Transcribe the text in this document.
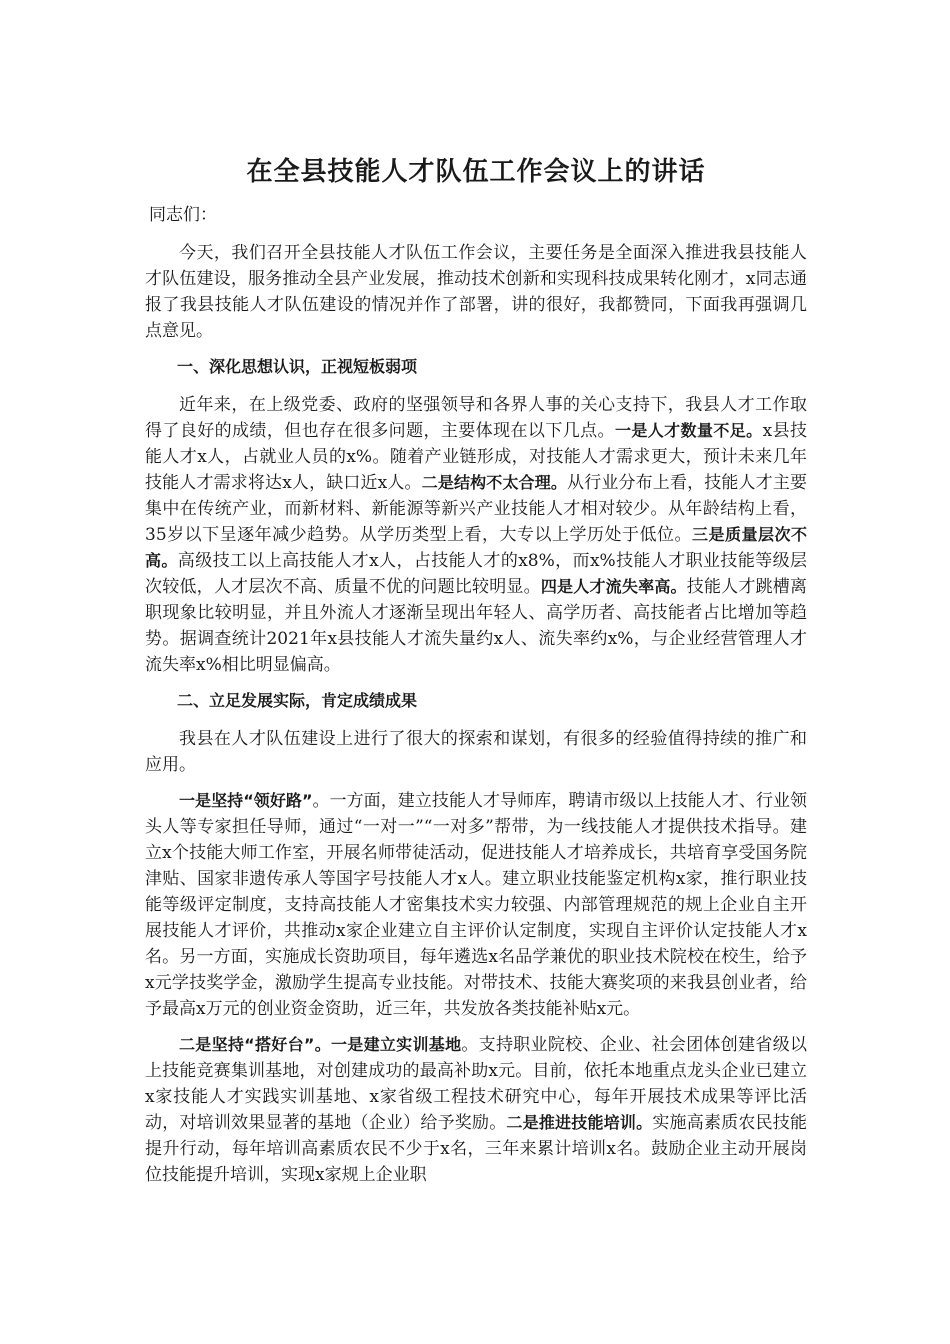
在全县技能人才队伍工作会议上的讲话
同志们：

今天，我们召开全县技能人才队伍工作会议，主要任务是全面深入推进我县技能人才队伍建设，服务推动全县产业发展，推动技术创新和实现科技成果转化刚才，x同志通报了我县技能人才队伍建设的情况并作了部署，讲的很好，我都赞同，下面我再强调几点意见。

一、深化思想认识，正视短板弱项

近年来，在上级党委、政府的坚强领导和各界人事的关心支持下，我县人才工作取得了良好的成绩，但也存在很多问题，主要体现在以下几点。一是人才数量不足。x县技能人才x人，占就业人员的x%。随着产业链形成，对技能人才需求更大，预计未来几年技能人才需求将达x人，缺口近x人。二是结构不太合理。从行业分布上看，技能人才主要集中在传统产业，而新材料、新能源等新兴产业技能人才相对较少。从年龄结构上看，35岁以下呈逐年减少趋势。从学历类型上看，大专以上学历处于低位。三是质量层次不高。高级技工以上高技能人才x人，占技能人才的x8%，而x%技能人才职业技能等级层次较低，人才层次不高、质量不优的问题比较明显。四是人才流失率高。技能人才跳槽离职现象比较明显，并且外流人才逐渐呈现出年轻人、高学历者、高技能者占比增加等趋势。据调查统计2021年x县技能人才流失量约x人、流失率约x%，与企业经营管理人才流失率x%相比明显偏高。

二、立足发展实际，肯定成绩成果

我县在人才队伍建设上进行了很大的探索和谋划，有很多的经验值得持续的推广和应用。

一是坚持“领好路”。一方面，建立技能人才导师库，聘请市级以上技能人才、行业领头人等专家担任导师，通过“一对一”“一对多”帮带，为一线技能人才提供技术指导。建立x个技能大师工作室，开展名师带徒活动，促进技能人才培养成长，共培育享受国务院津贴、国家非遗传承人等国字号技能人才x人。建立职业技能鉴定机构x家，推行职业技能等级评定制度，支持高技能人才密集技术实力较强、内部管理规范的规上企业自主开展技能人才评价，共推动x家企业建立自主评价认定制度，实现自主评价认定技能人才x名。另一方面，实施成长资助项目，每年遴选x名品学兼优的职业技术院校在校生，给予x元学技奖学金，激励学生提高专业技能。对带技术、技能大赛奖项的来我县创业者，给予最高x万元的创业资金资助，近三年，共发放各类技能补贴x元。

二是坚持“搭好台”。一是建立实训基地。支持职业院校、企业、社会团体创建省级以上技能竞赛集训基地，对创建成功的最高补助x元。目前，依托本地重点龙头企业已建立x家技能人才实践实训基地、x家省级工程技术研究中心，每年开展技术成果等评比活动，对培训效果显著的基地（企业）给予奖励。二是推进技能培训。实施高素质农民技能提升行动，每年培训高素质农民不少于x名，三年来累计培训x名。鼓励企业主动开展岗位技能提升培训，实现x家规上企业职
